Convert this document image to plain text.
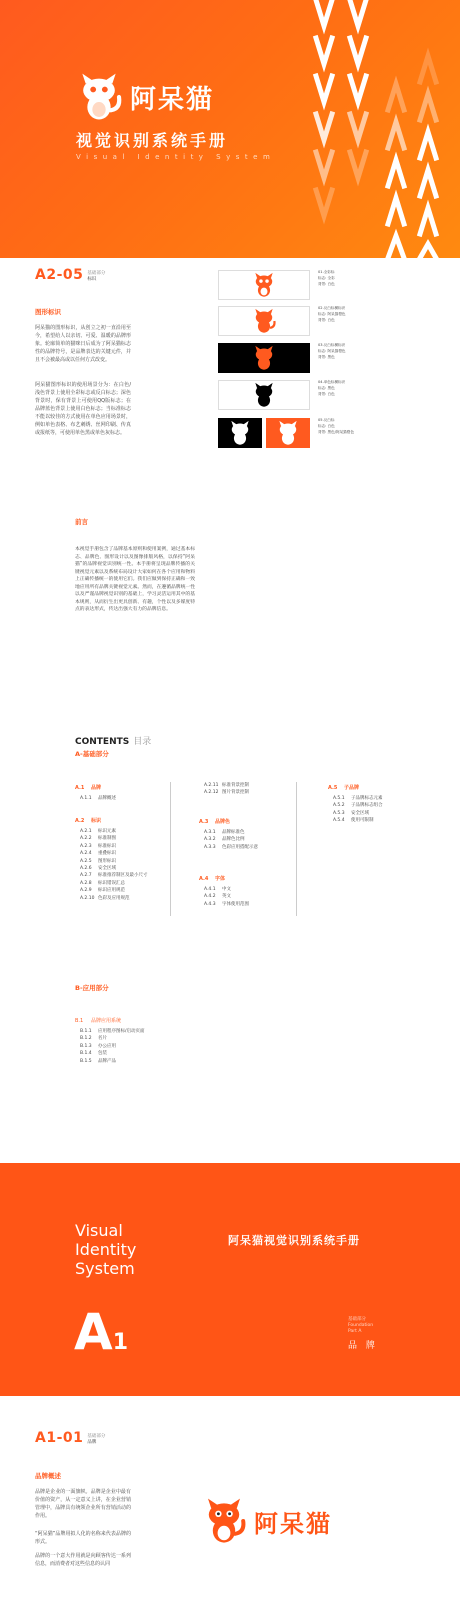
阿呆猫
视觉识别系统手册
Visual Identity System
A2-05 基础部分
标识
图形标识
阿呆猫的图形标识，从创立之初一直沿用至今，希望给人以亲切、可爱、温暖的品牌形象。轮廓简单的猫咪日后成为了阿呆猫标志性的品牌符号，是品牌表达的关键元件，并且不会被最高或以任何方式改变。
阿呆猫图形标识的使用场景分为：在白色/浅色背景上使用全彩标志或反白标志；深色背景时，保有背景上可使用QQ版标志；在品牌蓝色背景上使用白色标志；当标准标志不能以较佳的方式使用在单色应用场景时，例如单色表格、布艺刺绣、丝网印刷、传真或报纸等，可使用单色黑或单色灰标志。
01.全彩标
标志: 全彩
背景: 白色
02.反白标横标识
标志: 阿呆猫橙色
背景: 白色
03.反白标横标识
标志: 阿呆猫橙色
背景: 黑色
04.单色标横标识
标志: 黑色
背景: 白色
05.反白标
标志: 白色
背景: 黑色/阿呆猫橙色
前言
本视觉手册包含了品牌基本原则和使用案例，通过基本标志、品牌色、图形设计以及图像排版风格，以保持“阿呆猫”的品牌视觉识别统一性。本手册将呈现品牌传播的关键视觉元素以及系统布局设计大家如何在各个应用和物料上正确传播统一的使用它们。我们应做到保持正确和一致地应用所有品牌关键视觉元素。然而，在遵循品牌统一性以及严谨品牌视觉识别的基础上，学习灵活运用其中的基本规则，从而衍生出更具创新、有趣，个性以及多媒度特点的表达形式，传达出强大有力的品牌信息。
CONTENTS 目录
A-基础部分
A.1 品牌
A.1.1 品牌概述
A.2 标识
A.2.1 标识元素
A.2.2 标准制图
A.2.3 标准标识
A.2.4 重叠标识
A.2.5 图形标识
A.2.6 安全区域
A.2.7 标准推荐制区及最小尺寸
A.2.8 标识错误汇总
A.2.9 标识应用规范
A.2.10 色彩及应用规范
A.2.11 标准背景控制
A.2.12 图片背景控制
A.3 品牌色
A.3.1 品牌标准色
A.3.2 品牌色比例
A.3.3 色彩应用搭配示意
A.4 字体
A.4.1 中文
A.4.2 英文
A.4.3 字体使用范围
A.5 子品牌
A.5.1 子品牌标志元素
A.5.2 子品牌标志组合
A.5.3 安全区域
A.5.4 使用可限制
B-应用部分
B.1 品牌应用系统
B.1.1 应用程序图标/启动页面
B.1.2 名片
B.1.3 办公应用
B.1.4 包装
B.1.5 品牌产品
Visual
Identity
System
A1
阿呆猫视觉识别系统手册
基础部分
Foundation
Part A
品 牌
A1-01 基础部分
品牌
品牌概述
品牌是企业的一面旗帜。品牌是企业中最有价值的资产，从一定意义上讲，在企业营销管理中，品牌具有统领企业所有营销活动的作用。
“阿呆猫”品牌用拟人化的名称来代表品牌的形式。
品牌的一个意大作用就是向顾客传达一系列信息，而消费者对这些信息的认同
阿呆猫
